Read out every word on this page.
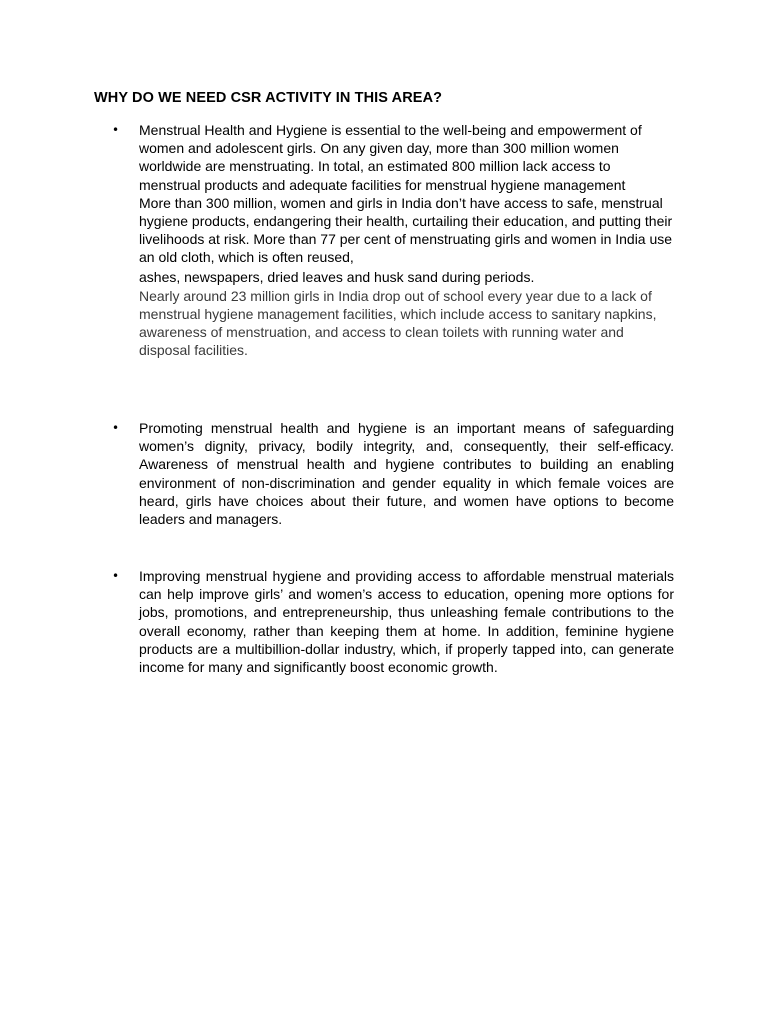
WHY DO WE NEED CSR ACTIVITY IN THIS AREA?
• Menstrual Health and Hygiene is essential to the well-being and empowerment of women and adolescent girls. On any given day, more than 300 million women worldwide are menstruating. In total, an estimated 800 million lack access to menstrual products and adequate facilities for menstrual hygiene management

More than 300 million, women and girls in India don’t have access to safe, menstrual hygiene products, endangering their health, curtailing their education, and putting their livelihoods at risk. More than 77 per cent of menstruating girls and women in India use an old cloth, which is often reused,

ashes, newspapers, dried leaves and husk sand during periods.

Nearly around 23 million girls in India drop out of school every year due to a lack of menstrual hygiene management facilities, which include access to sanitary napkins, awareness of menstruation, and access to clean toilets with running water and disposal facilities.

• Promoting menstrual health and hygiene is an important means of safeguarding women’s dignity, privacy, bodily integrity, and, consequently, their self-efficacy. Awareness of menstrual health and hygiene contributes to building an enabling environment of non-discrimination and gender equality in which female voices are heard, girls have choices about their future, and women have options to become leaders and managers.

• Improving menstrual hygiene and providing access to affordable menstrual materials can help improve girls’ and women’s access to education, opening more options for jobs, promotions, and entrepreneurship, thus unleashing female contributions to the overall economy, rather than keeping them at home. In addition, feminine hygiene products are a multibillion-dollar industry, which, if properly tapped into, can generate income for many and significantly boost economic growth.
